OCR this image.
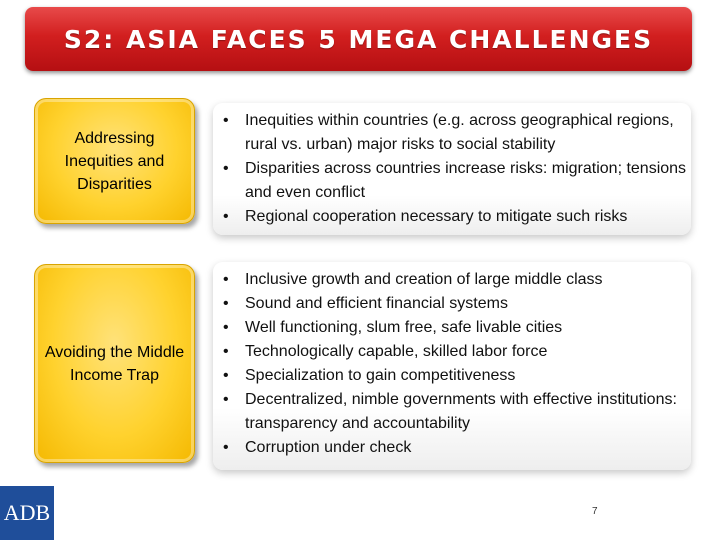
S2: ASIA FACES 5 MEGA CHALLENGES
Addressing Inequities and Disparities
•	Inequities within countries (e.g. across geographical regions, rural vs. urban) major risks to social stability
•	Disparities across countries increase risks: migration; tensions and even conflict
•	Regional cooperation necessary to mitigate such risks
Avoiding the Middle Income Trap
•	Inclusive growth and creation of large middle class
•	Sound and efficient financial systems
•	Well functioning, slum free, safe livable cities
•	Technologically capable, skilled labor force
•	Specialization to gain competitiveness
•	Decentralized, nimble governments with effective institutions: transparency and accountability
•	Corruption under check
7
ADB
